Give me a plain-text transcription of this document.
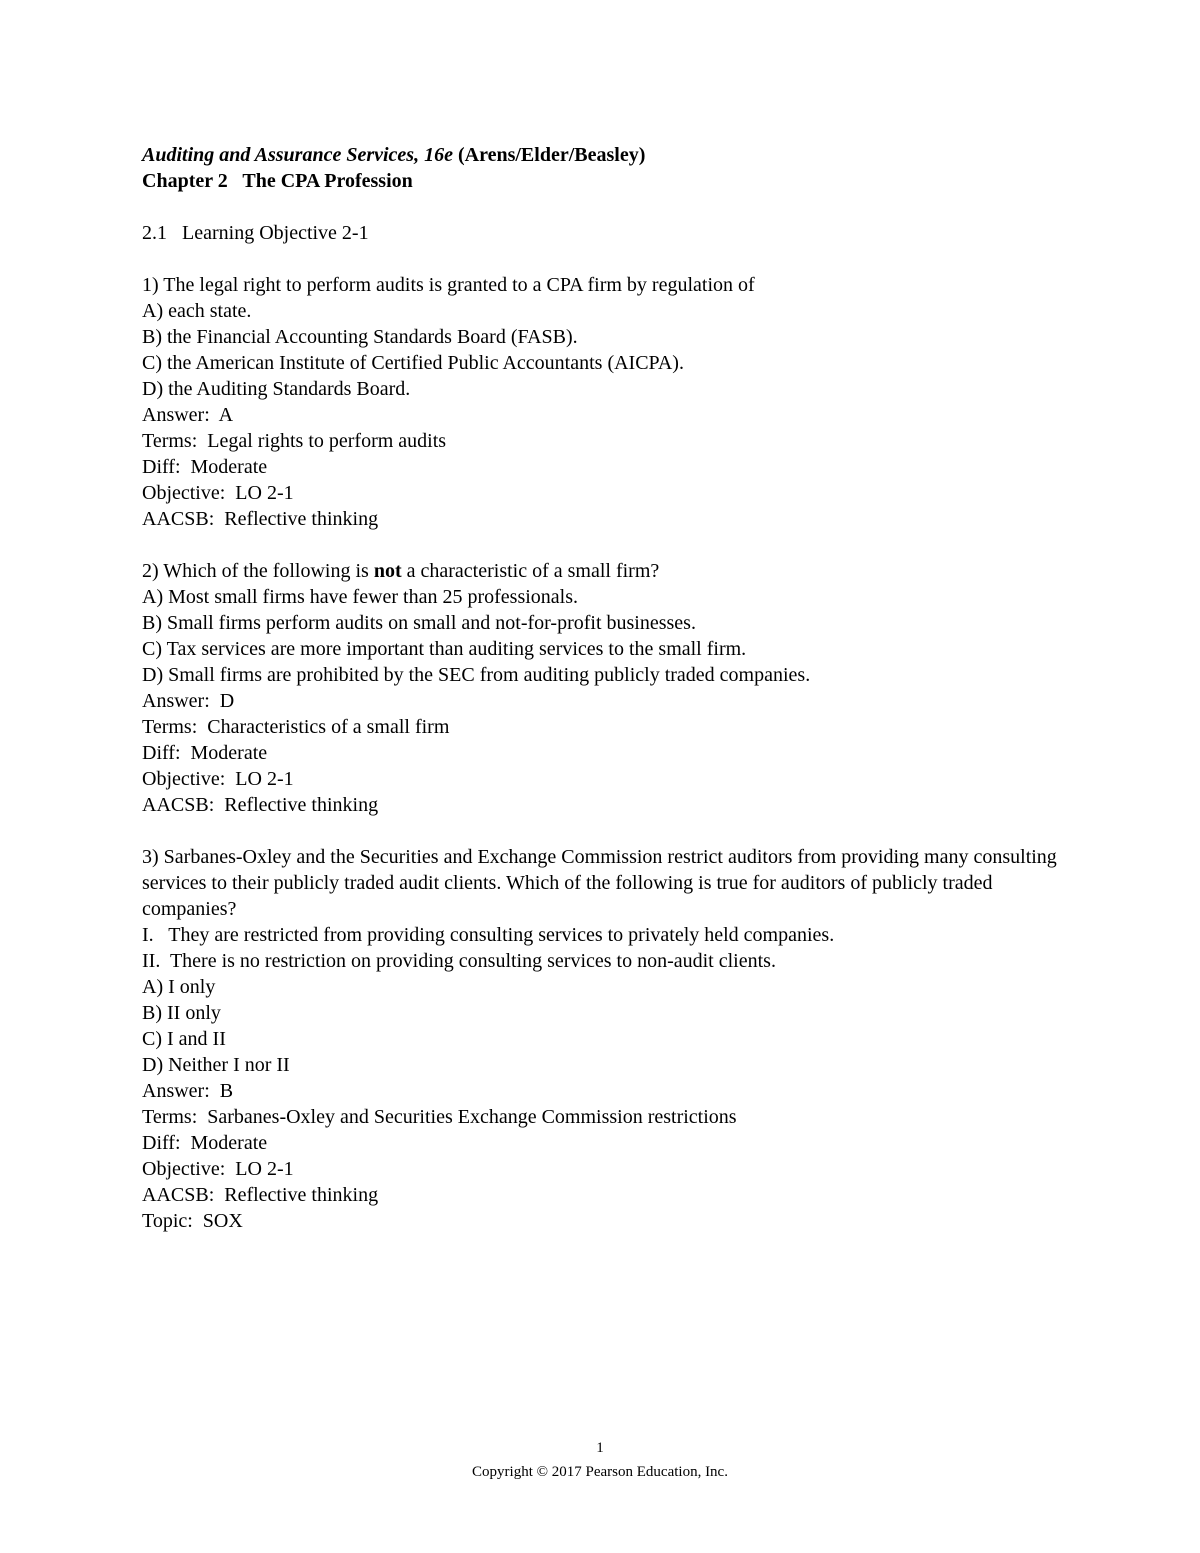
Auditing and Assurance Services, 16e (Arens/Elder/Beasley)
Chapter 2   The CPA Profession
2.1   Learning Objective 2-1
1) The legal right to perform audits is granted to a CPA firm by regulation of
A) each state.
B) the Financial Accounting Standards Board (FASB).
C) the American Institute of Certified Public Accountants (AICPA).
D) the Auditing Standards Board.
Answer:  A
Terms:  Legal rights to perform audits
Diff:  Moderate
Objective:  LO 2-1
AACSB:  Reflective thinking
2) Which of the following is not a characteristic of a small firm?
A) Most small firms have fewer than 25 professionals.
B) Small firms perform audits on small and not-for-profit businesses.
C) Tax services are more important than auditing services to the small firm.
D) Small firms are prohibited by the SEC from auditing publicly traded companies.
Answer:  D
Terms:  Characteristics of a small firm
Diff:  Moderate
Objective:  LO 2-1
AACSB:  Reflective thinking
3) Sarbanes-Oxley and the Securities and Exchange Commission restrict auditors from providing many consulting services to their publicly traded audit clients. Which of the following is true for auditors of publicly traded companies?
I.   They are restricted from providing consulting services to privately held companies.
II.  There is no restriction on providing consulting services to non-audit clients.
A) I only
B) II only
C) I and II
D) Neither I nor II
Answer:  B
Terms:  Sarbanes-Oxley and Securities Exchange Commission restrictions
Diff:  Moderate
Objective:  LO 2-1
AACSB:  Reflective thinking
Topic:  SOX
1
Copyright © 2017 Pearson Education, Inc.
